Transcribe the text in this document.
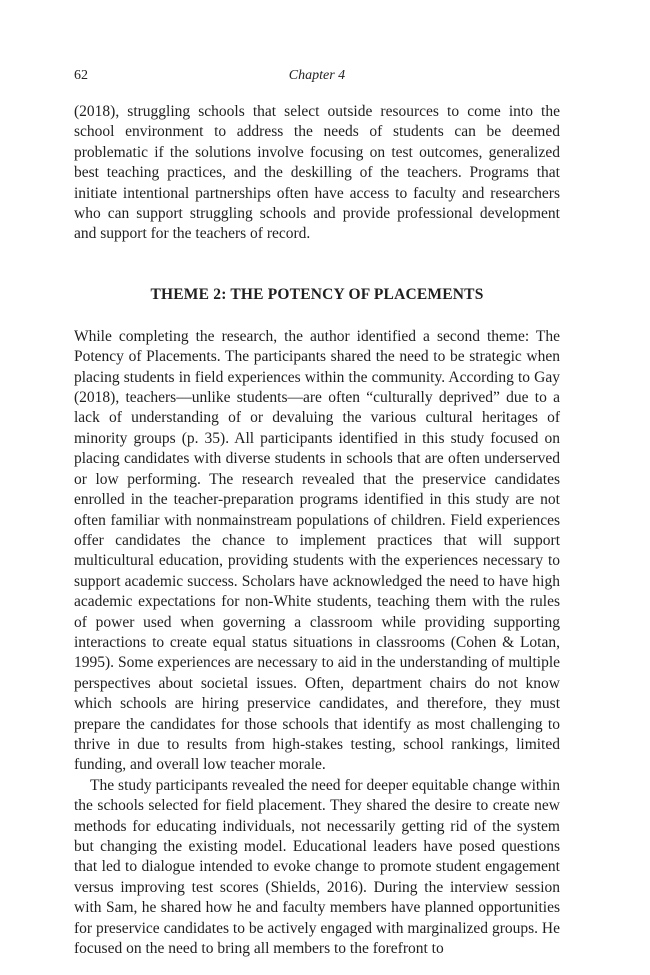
62	Chapter 4

(2018), struggling schools that select outside resources to come into the school environment to address the needs of students can be deemed problematic if the solutions involve focusing on test outcomes, generalized best teaching practices, and the deskilling of the teachers. Programs that initiate intentional partnerships often have access to faculty and researchers who can support struggling schools and provide professional development and support for the teachers of record.

THEME 2: THE POTENCY OF PLACEMENTS

While completing the research, the author identified a second theme: The Potency of Placements. The participants shared the need to be strategic when placing students in field experiences within the community. According to Gay (2018), teachers—unlike students—are often “culturally deprived” due to a lack of understanding of or devaluing the various cultural heritages of minority groups (p. 35). All participants identified in this study focused on placing candidates with diverse students in schools that are often underserved or low performing. The research revealed that the preservice candidates enrolled in the teacher-preparation programs identified in this study are not often familiar with nonmainstream populations of children. Field experiences offer candidates the chance to implement practices that will support multicultural education, providing students with the experiences necessary to support academic success. Scholars have acknowledged the need to have high academic expectations for non-White students, teaching them with the rules of power used when governing a classroom while providing supporting interactions to create equal status situations in classrooms (Cohen & Lotan, 1995). Some experiences are necessary to aid in the understanding of multiple perspectives about societal issues. Often, department chairs do not know which schools are hiring preservice candidates, and therefore, they must prepare the candidates for those schools that identify as most challenging to thrive in due to results from high-stakes testing, school rankings, limited funding, and overall low teacher morale.

The study participants revealed the need for deeper equitable change within the schools selected for field placement. They shared the desire to create new methods for educating individuals, not necessarily getting rid of the system but changing the existing model. Educational leaders have posed questions that led to dialogue intended to evoke change to promote student engagement versus improving test scores (Shields, 2016). During the interview session with Sam, he shared how he and faculty members have planned opportunities for preservice candidates to be actively engaged with marginalized groups. He focused on the need to bring all members to the forefront to
